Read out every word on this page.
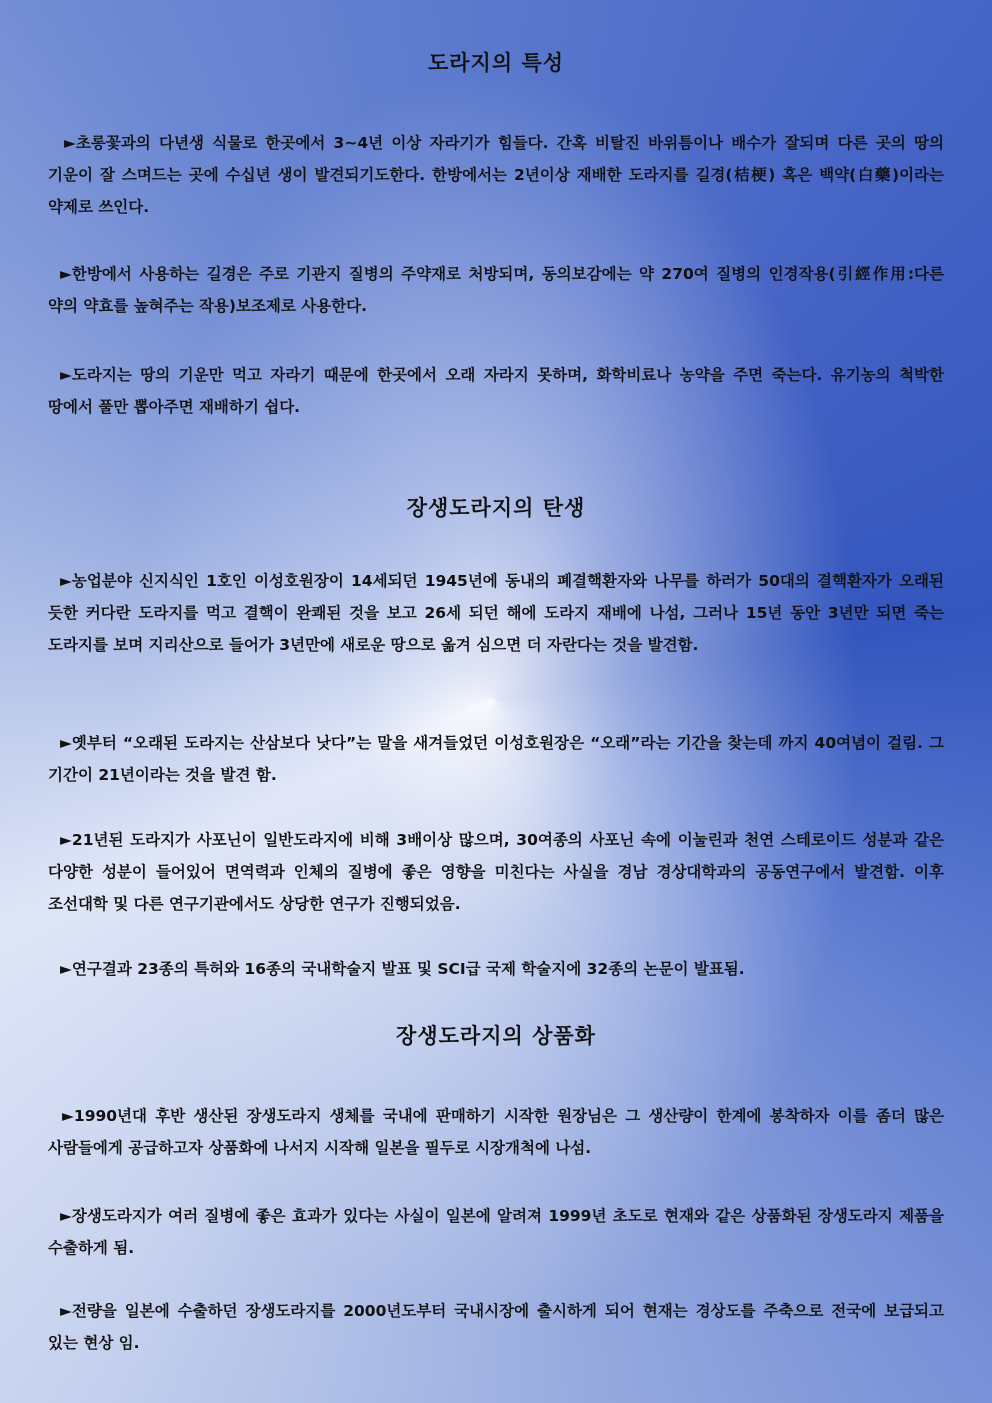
도라지의 특성

►초롱꽃과의 다년생 식물로 한곳에서 3~4년 이상 자라기가 힘들다. 간혹 비탈진 바위틈이나 배수가 잘되며 다른 곳의 땅의 기운이 잘 스며드는 곳에 수십년 생이 발견되기도한다. 한방에서는 2년이상 재배한 도라지를 길경(桔梗) 혹은 백약(白藥)이라는 약제로 쓰인다.

►한방에서 사용하는 길경은 주로 기관지 질병의 주약재로 처방되며, 동의보감에는 약 270여 질병의 인경작용(引經作用:다른 약의 약효를 높혀주는 작용)보조제로 사용한다.

►도라지는 땅의 기운만 먹고 자라기 때문에 한곳에서 오래 자라지 못하며, 화학비료나 농약을 주면 죽는다. 유기농의 척박한 땅에서 풀만 뽑아주면 재배하기 쉽다.

장생도라지의 탄생

►농업분야 신지식인 1호인 이성호원장이 14세되던 1945년에 동내의 폐결핵환자와 나무를 하러가 50대의 결핵환자가 오래된 듯한 커다란 도라지를 먹고 결핵이 완쾌된 것을 보고 26세 되던 해에 도라지 재배에 나섬, 그러나 15년 동안 3년만 되면 죽는 도라지를 보며 지리산으로 들어가 3년만에 새로운 땅으로 옮겨 심으면 더 자란다는 것을 발견함.

►옛부터 “오래된 도라지는 산삼보다 낫다”는 말을 새겨들었던 이성호원장은 “오래”라는 기간을 찾는데 까지 40여념이 걸림. 그 기간이 21년이라는 것을 발견 함.

►21년된 도라지가 사포닌이 일반도라지에 비해 3배이상 많으며, 30여종의 사포닌 속에 이눌린과 천연 스테로이드 성분과 같은 다양한 성분이 들어있어 면역력과 인체의 질병에 좋은 영향을 미친다는 사실을 경남 경상대학과의 공동연구에서 발견함. 이후 조선대학 및 다른 연구기관에서도 상당한 연구가 진행되었음.

►연구결과 23종의 특허와 16종의 국내학술지 발표 및 SCI급 국제 학술지에 32종의 논문이 발표됨.

장생도라지의 상품화

►1990년대 후반 생산된 장생도라지 생체를 국내에 판매하기 시작한 원장님은 그 생산량이 한계에 봉착하자 이를 좀더 많은 사람들에게 공급하고자 상품화에 나서지 시작해 일본을 필두로 시장개척에 나섬.

►장생도라지가 여러 질병에 좋은 효과가 있다는 사실이 일본에 알려져 1999년 초도로 현재와 같은 상품화된 장생도라지 제품을 수출하게 됨.

►전량을 일본에 수출하던 장생도라지를 2000년도부터 국내시장에 출시하게 되어 현재는 경상도를 주축으로 전국에 보급되고 있는 현상 임.
